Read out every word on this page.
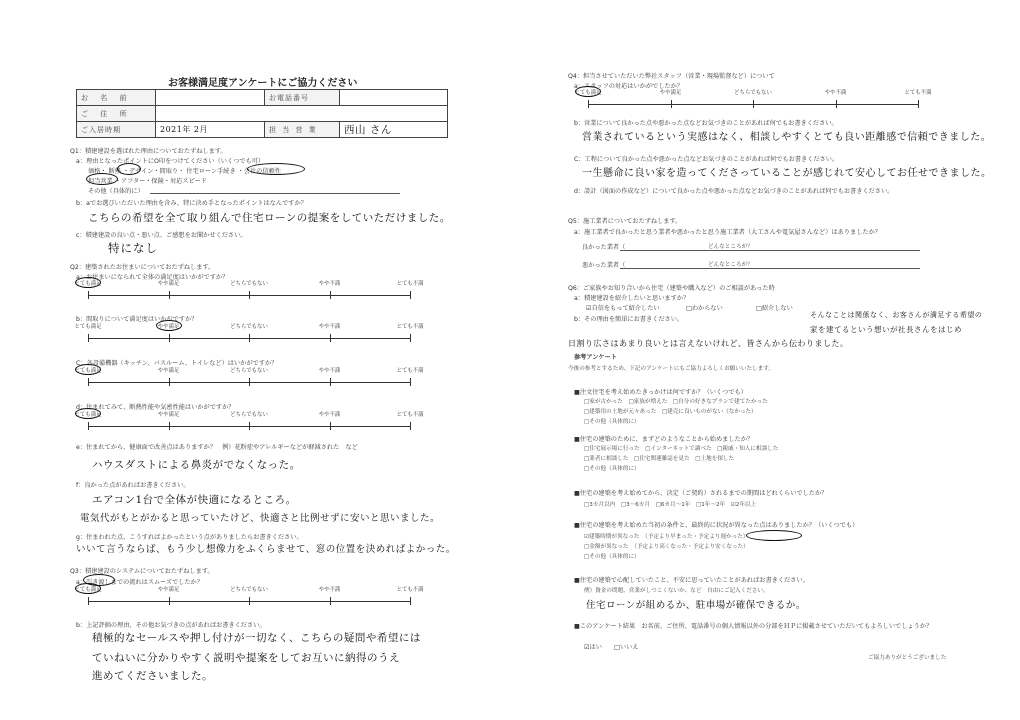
お客様満足度アンケートにご協力ください
お 名 前		お電話番号	
ご 住 所			
ご入居時期	2021年 2月	担 当 営 業	西山 さん
Q1：積建建設を選ばれた理由についておたずねします。
a：理由となったポイントにO印をつけてください（いくつでも可）
価格・ 断熱 ・デザイン・間取り・ 住宅ローン手続き ・会社の信頼性
担当営業 ・アフター・保険・対応スピード
その他（具体的に）
b：aでお選びいただいた理由を含み、特に決め手となったポイントはなんですか？
こちらの希望を全て取り組んで住宅ローンの提案をしていただけました。
c：積建建設の良い点・悪い点、ご感想をお聞かせください。
特になし
Q2：建築されたお住まいについておたずねします。
a：お住まいになられて全体の満足度はいかがですか？
とても満足	やや満足	どちらでもない	やや不満	とても不満
b：間取りについて満足度はいかがですか？
とても満足	やや満足	どちらでもない	やや不満	とても不満
C：各設備機器（キッチン、バスルーム、トイレなど）はいかがですか？
とても満足	やや満足	どちらでもない	やや不満	とても不満
d：住まれてみて、断熱性能や気密性能はいかがですか？
とても満足	やや満足	どちらでもない	やや不満	とても不満
e：住まれてから、健康面で改善点はありますか？　例）花粉症やアレルギーなどが軽減された　など
ハウスダストによる鼻炎がでなくなった。
f：良かった点があればお書きください。
エアコン1台で全体が快適になるところ。
電気代がもとがかると思っていたけど、快適さと比例せずに安いと思いました。
g：住まわれた点、こうすればよかったという点がありましたらお書きください。
いいて言うならば、もう少し想像力をふくらませて、窓の位置を決めればよかった。
Q3：積建建設のシステムについておたずねします。
a：引き渡しまでの流れはスムーズでしたか？
とても満足	やや満足	どちらでもない	やや不満	とても不満
b：上記評価の理由、その他お気づきの点があればお書きください。
積極的なセールスや押し付けが一切なく、こちらの疑問や希望には
ていねいに分かりやすく説明や提案をしてお互いに納得のうえ
進めてくださいました。
Q4：担当させていただいた弊社スタッフ（営業・現場監督など）について
a：スタッフの対応はいかがでしたか？
とても満足	やや満足	どちらでもない	やや不満	とても不満
b：営業について良かった点や悪かった点などお気づきのことがあれば何でもお書きください。
営業されているという実感はなく、相談しやすくとても良い距離感で信頼できました。
C：工程について良かった点や悪かった点などお気づきのことがあれば何でもお書きください。
一生懸命に良い家を造ってくださっていることが感じれて安心してお任せできました。
d：設計（図面の作成など）について良かった点や悪かった点などお気づきのことがあれば何でもお書きください。
Q5：施工業者についておたずねします。
a：施工業者で良かったと思う業者や悪かったと思う施工業者（大工さんや電気屋さんなど）はありましたか？
良かった業者（	どんなところが？
悪かった業者（	どんなところが？
Q6：ご家族やお知り合いから住宅（建築や購入など）のご相談があった時
a：積建建設を紹介したいと思いますか？
☑自信をもって紹介したい	□わからない	□紹介しない
b：その理由を簡単にお書きください。
そんなことは関係なく、お客さんが満足する希望の
家を建てるという想いが社長さんをはじめ
日割り広さはあまり良いとは言えないけれど、皆さんから伝わりました。
参考アンケート
今後の参考とするため、下記のアンケートにもご協力よろしくお願いいたします。
■注文住宅を考え始めたきっかけは何ですか？（いくつでも）
□家が古かった　□家族が増えた　□自分の好きなプランで建てたかった
□建築用の土地が元々あった　□建売に良いものがない（なかった）
□その他（具体的に）
■住宅の建築のために、まずどのようなことから始めましたか？
□住宅展示場に行った　□インターネットで調べた　□親戚・知人に相談した
□業者に相談した　□住宅関連雑誌を見た　□土地を探した
□その他（具体的に）
■住宅の建築を考え始めてから、決定（ご契約）されるまでの期間はどれくらいでしたか？
□3カ月以内　□3～6カ月　□6カ月～1年　□1年～2年　☑2年以上
■住宅の建築を考え始めた当初の条件と、最終的に状況が異なった点はありましたか？（いくつでも）
☑建築時期が異なった　（予定より早まった・予定より遅かった）
□金額が異なった　（予定より高くなった・予定より安くなった）
□その他（具体的に）
■住宅の建築で心配していたこと、不安に思っていたことがあればお書きください。
例）資金の問題、営業がしつこくないか、など　自由にご記入ください。
住宅ローンが組めるか、駐車場が確保できるか。
■このアンケート結果　お名前、ご住所、電話番号の個人情報以外の分部をＨＰに掲載させていただいてもよろしいでしょうか？
☑はい □いいえ
ご協力ありがとうございました
